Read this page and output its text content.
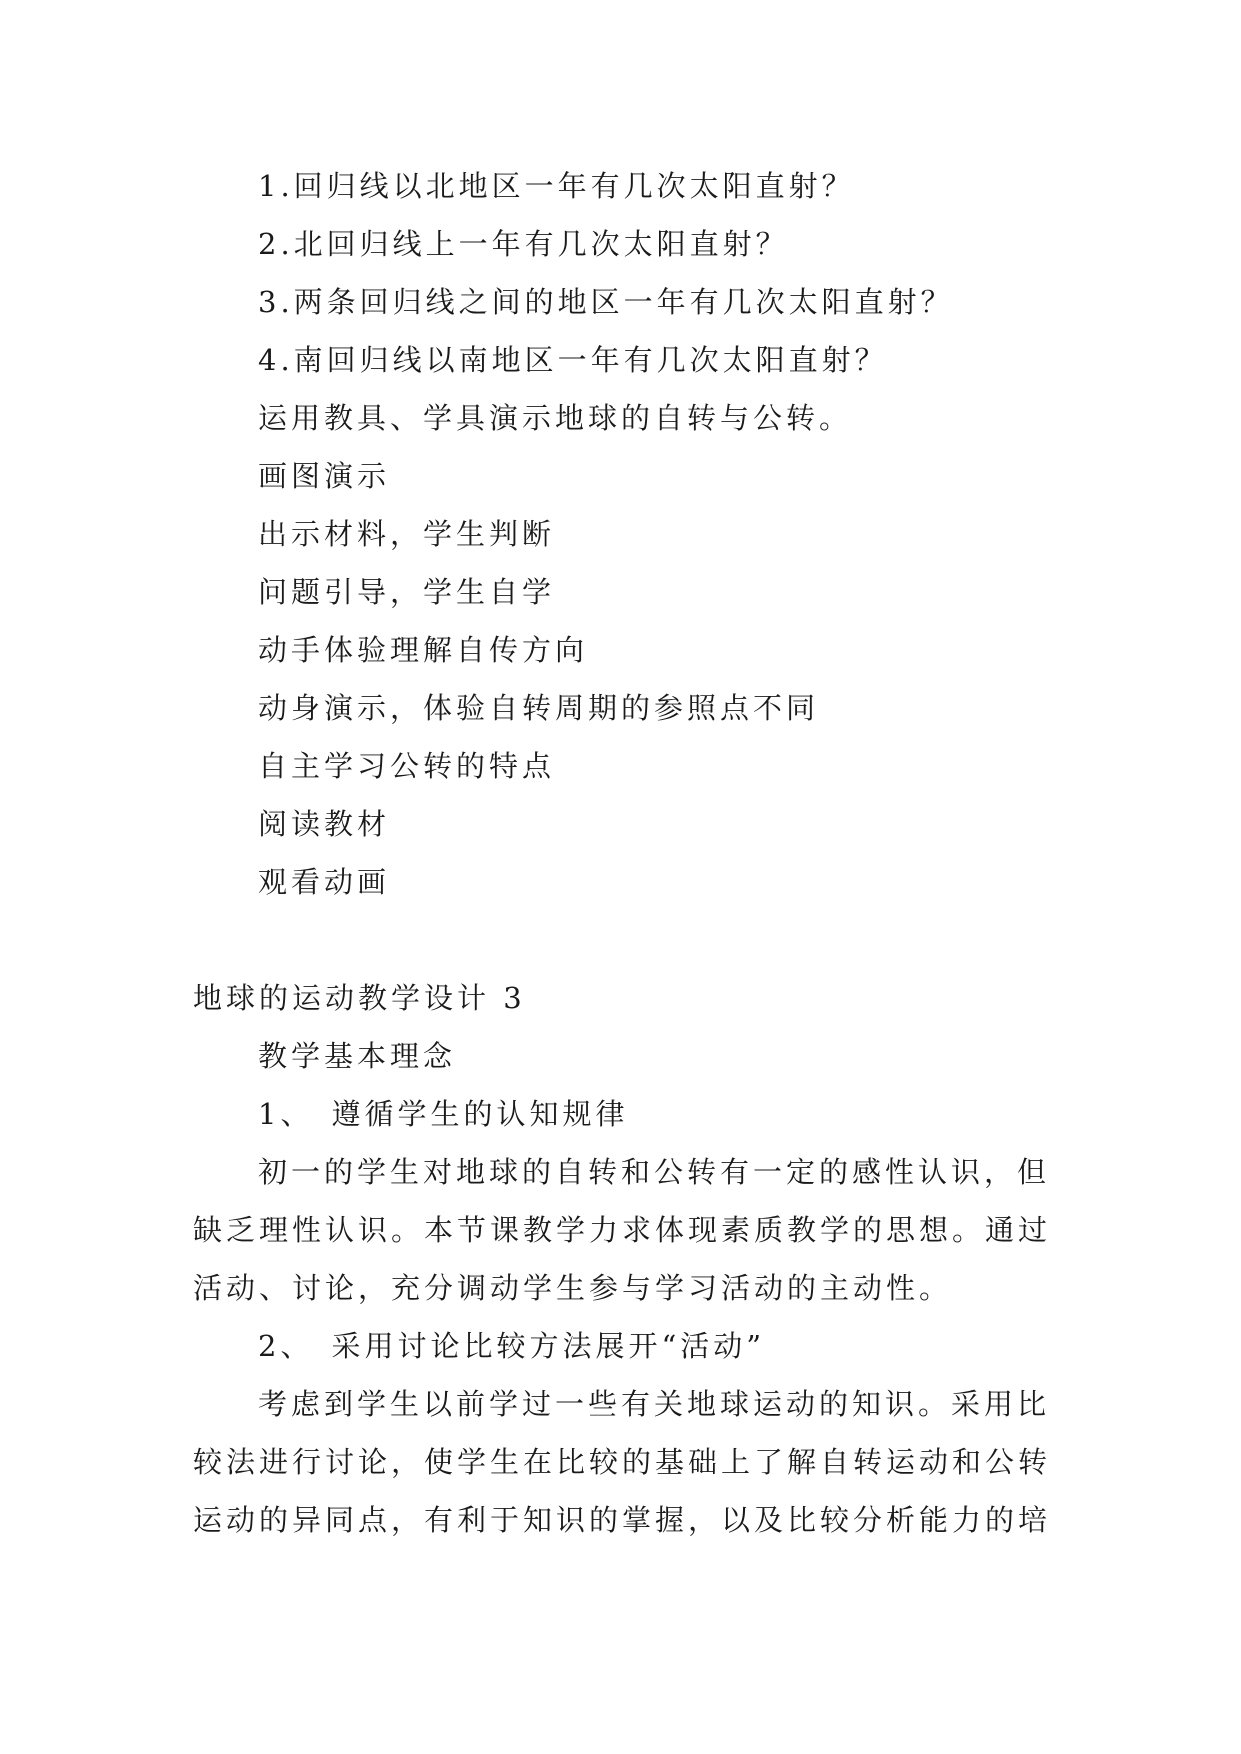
1.回归线以北地区一年有几次太阳直射？
2.北回归线上一年有几次太阳直射？
3.两条回归线之间的地区一年有几次太阳直射？
4.南回归线以南地区一年有几次太阳直射？
运用教具、学具演示地球的自转与公转。
画图演示
出示材料，学生判断
问题引导，学生自学
动手体验理解自传方向
动身演示，体验自转周期的参照点不同
自主学习公转的特点
阅读教材
观看动画
地球的运动教学设计 3
教学基本理念
1、 遵循学生的认知规律
初一的学生对地球的自转和公转有一定的感性认识，但
缺乏理性认识。本节课教学力求体现素质教学的思想。通过
活动、讨论，充分调动学生参与学习活动的主动性。
2、 采用讨论比较方法展开“活动”
考虑到学生以前学过一些有关地球运动的知识。采用比
较法进行讨论，使学生在比较的基础上了解自转运动和公转
运动的异同点，有利于知识的掌握，以及比较分析能力的培
